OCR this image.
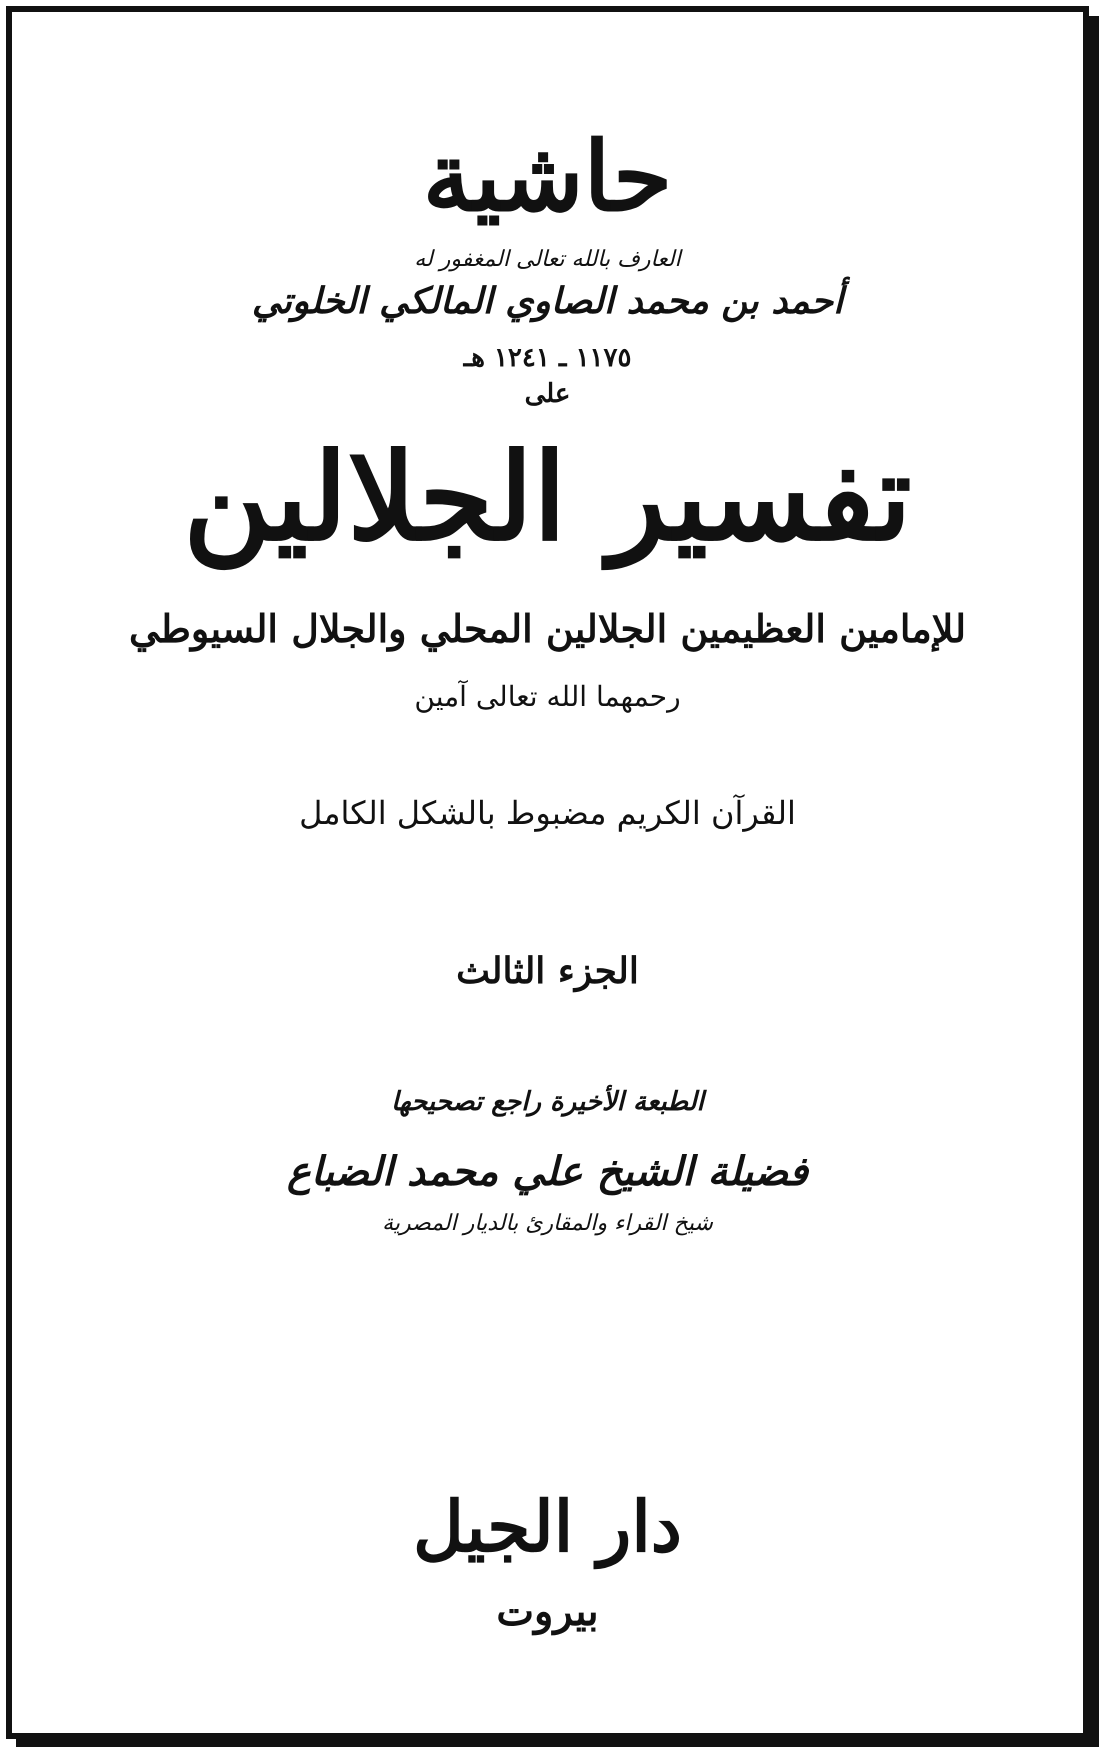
حاشية
العارف بالله تعالى المغفور له
أحمد بن محمد الصاوي المالكي الخلوتي
١١٧٥ ـ ١٢٤١ هـ
على
تفسير الجلالين
للإمامين العظيمين الجلالين المحلي والجلال السيوطي
رحمهما الله تعالى آمين
القرآن الكريم مضبوط بالشكل الكامل
الجزء الثالث
الطبعة الأخيرة راجع تصحيحها
فضيلة الشيخ علي محمد الضباع
شيخ القراء والمقارئ بالديار المصرية
دار الجيل
بيروت
